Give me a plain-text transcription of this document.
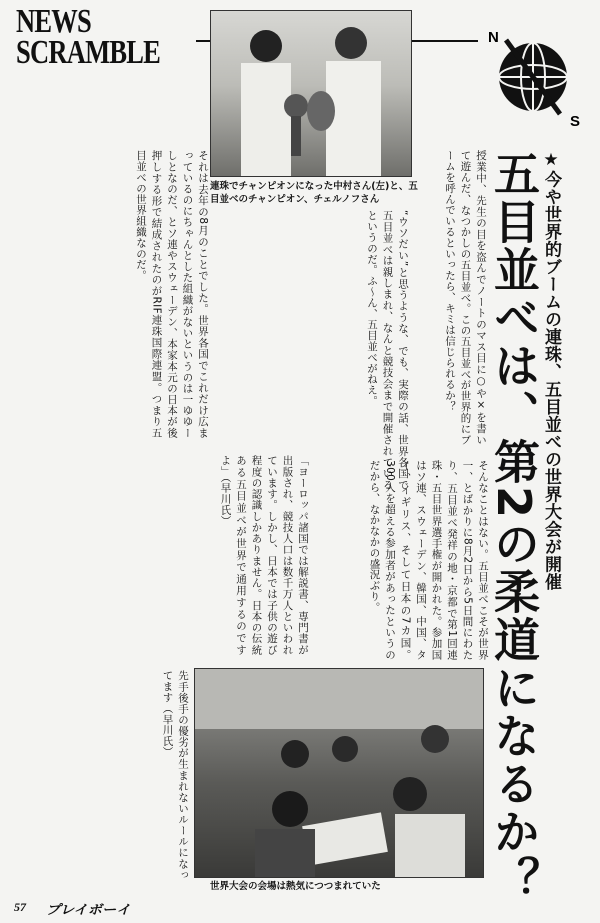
NEWS
SCRAMBLE	N
S
連珠でチャンピオンになった中村さん(左)と、五目並べのチャンピオン、チェルノフさん	★今や世界的ブームの連珠、五目並べの世界大会が開催
五目並べは、第2の柔道になるか？
授業中、先生の目を盗んでノートのマス目に○や×を書いて遊んだ、なつかしの五目並べ。この五目並べが世界的にブームを呼んでいるといったら、キミは信じられるか？
“ウソだい”と思うような、でも、実際の話、世界各国で五目並べは親しまれ、なんと競技会まで開催されているというのだ。ふ〜ん、五目並べがねえ。
それは去年の8月のことでした。世界各国でこれだけ広まっているのにちゃんとした組織がないというのは一ゆゆーしとなのだ、とソ連やスウェーデン、本家本元の日本が後押しする形で結成されたのがRIF連珠国際連盟。つまり五目並べの世界組織なのだ。
そんなことはない。五目並べこそが世界一、とばかりに8月2日から5日間にわたり、五目並べ発祥の地・京都で第1回連珠・五目世界選手権が開かれた。参加国はソ連、スウェーデン、韓国、中国、タイ、イギリス、そして日本の7カ国。300人を超える参加者があったというのだから、なかなかの盛況ぶり。
「ヨーロッパ諸国では解説書、専門書が出版され、競技人口は数千万人といわれています。しかし、日本では子供の遊び程度の認識しかありません。日本の伝統ある五目並べが世界で通用するのですよ」（早川氏）
先手後手の優劣が生まれないルールになってます（早川氏）
世界大会の会場は熱気につつまれていた
57 プレイボーイ
